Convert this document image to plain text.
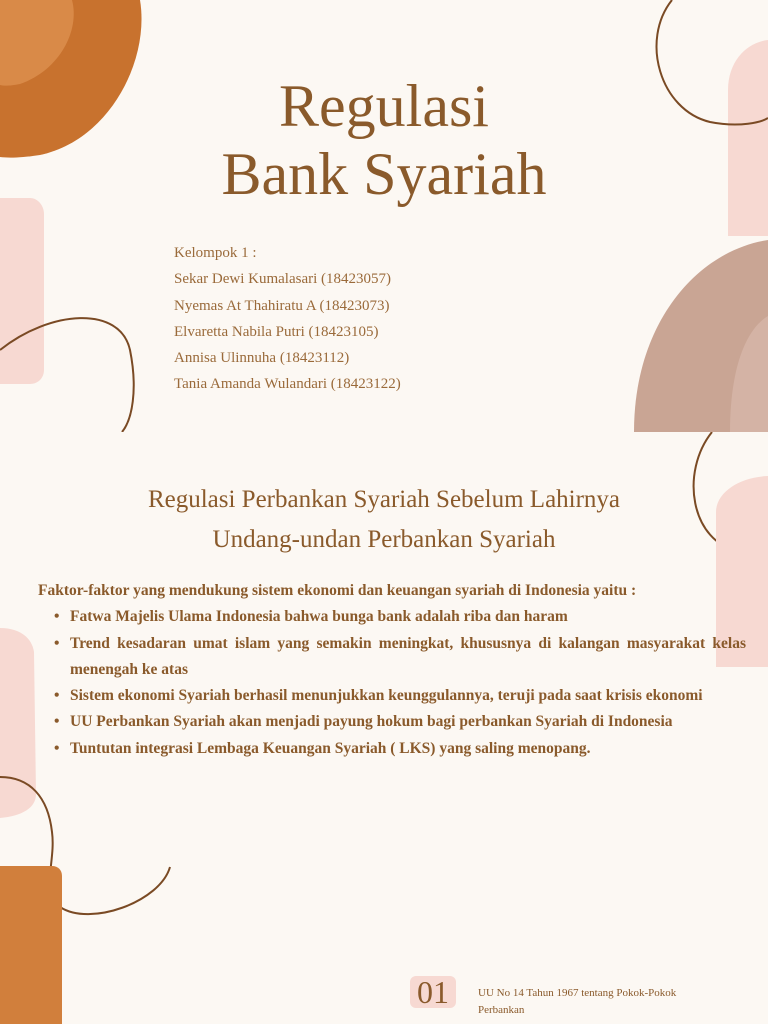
Regulasi
Bank Syariah
Kelompok 1 :
Sekar Dewi Kumalasari (18423057)
Nyemas At Thahiratu A (18423073)
Elvaretta Nabila Putri (18423105)
Annisa Ulinnuha (18423112)
Tania Amanda Wulandari (18423122)
Regulasi Perbankan Syariah Sebelum Lahirnya
Undang-undan Perbankan Syariah
Faktor-faktor yang mendukung sistem ekonomi dan keuangan syariah di Indonesia yaitu :
• Fatwa Majelis Ulama Indonesia bahwa bunga bank adalah riba dan haram
• Trend kesadaran umat islam yang semakin meningkat, khususnya di kalangan masyarakat kelas menengah ke atas
• Sistem ekonomi Syariah berhasil menunjukkan keunggulannya, teruji pada saat krisis ekonomi
• UU Perbankan Syariah akan menjadi payung hokum bagi perbankan Syariah di Indonesia
• Tuntutan integrasi Lembaga Keuangan Syariah ( LKS) yang saling menopang.
01	UU No 14 Tahun 1967 tentang Pokok-Pokok Perbankan
